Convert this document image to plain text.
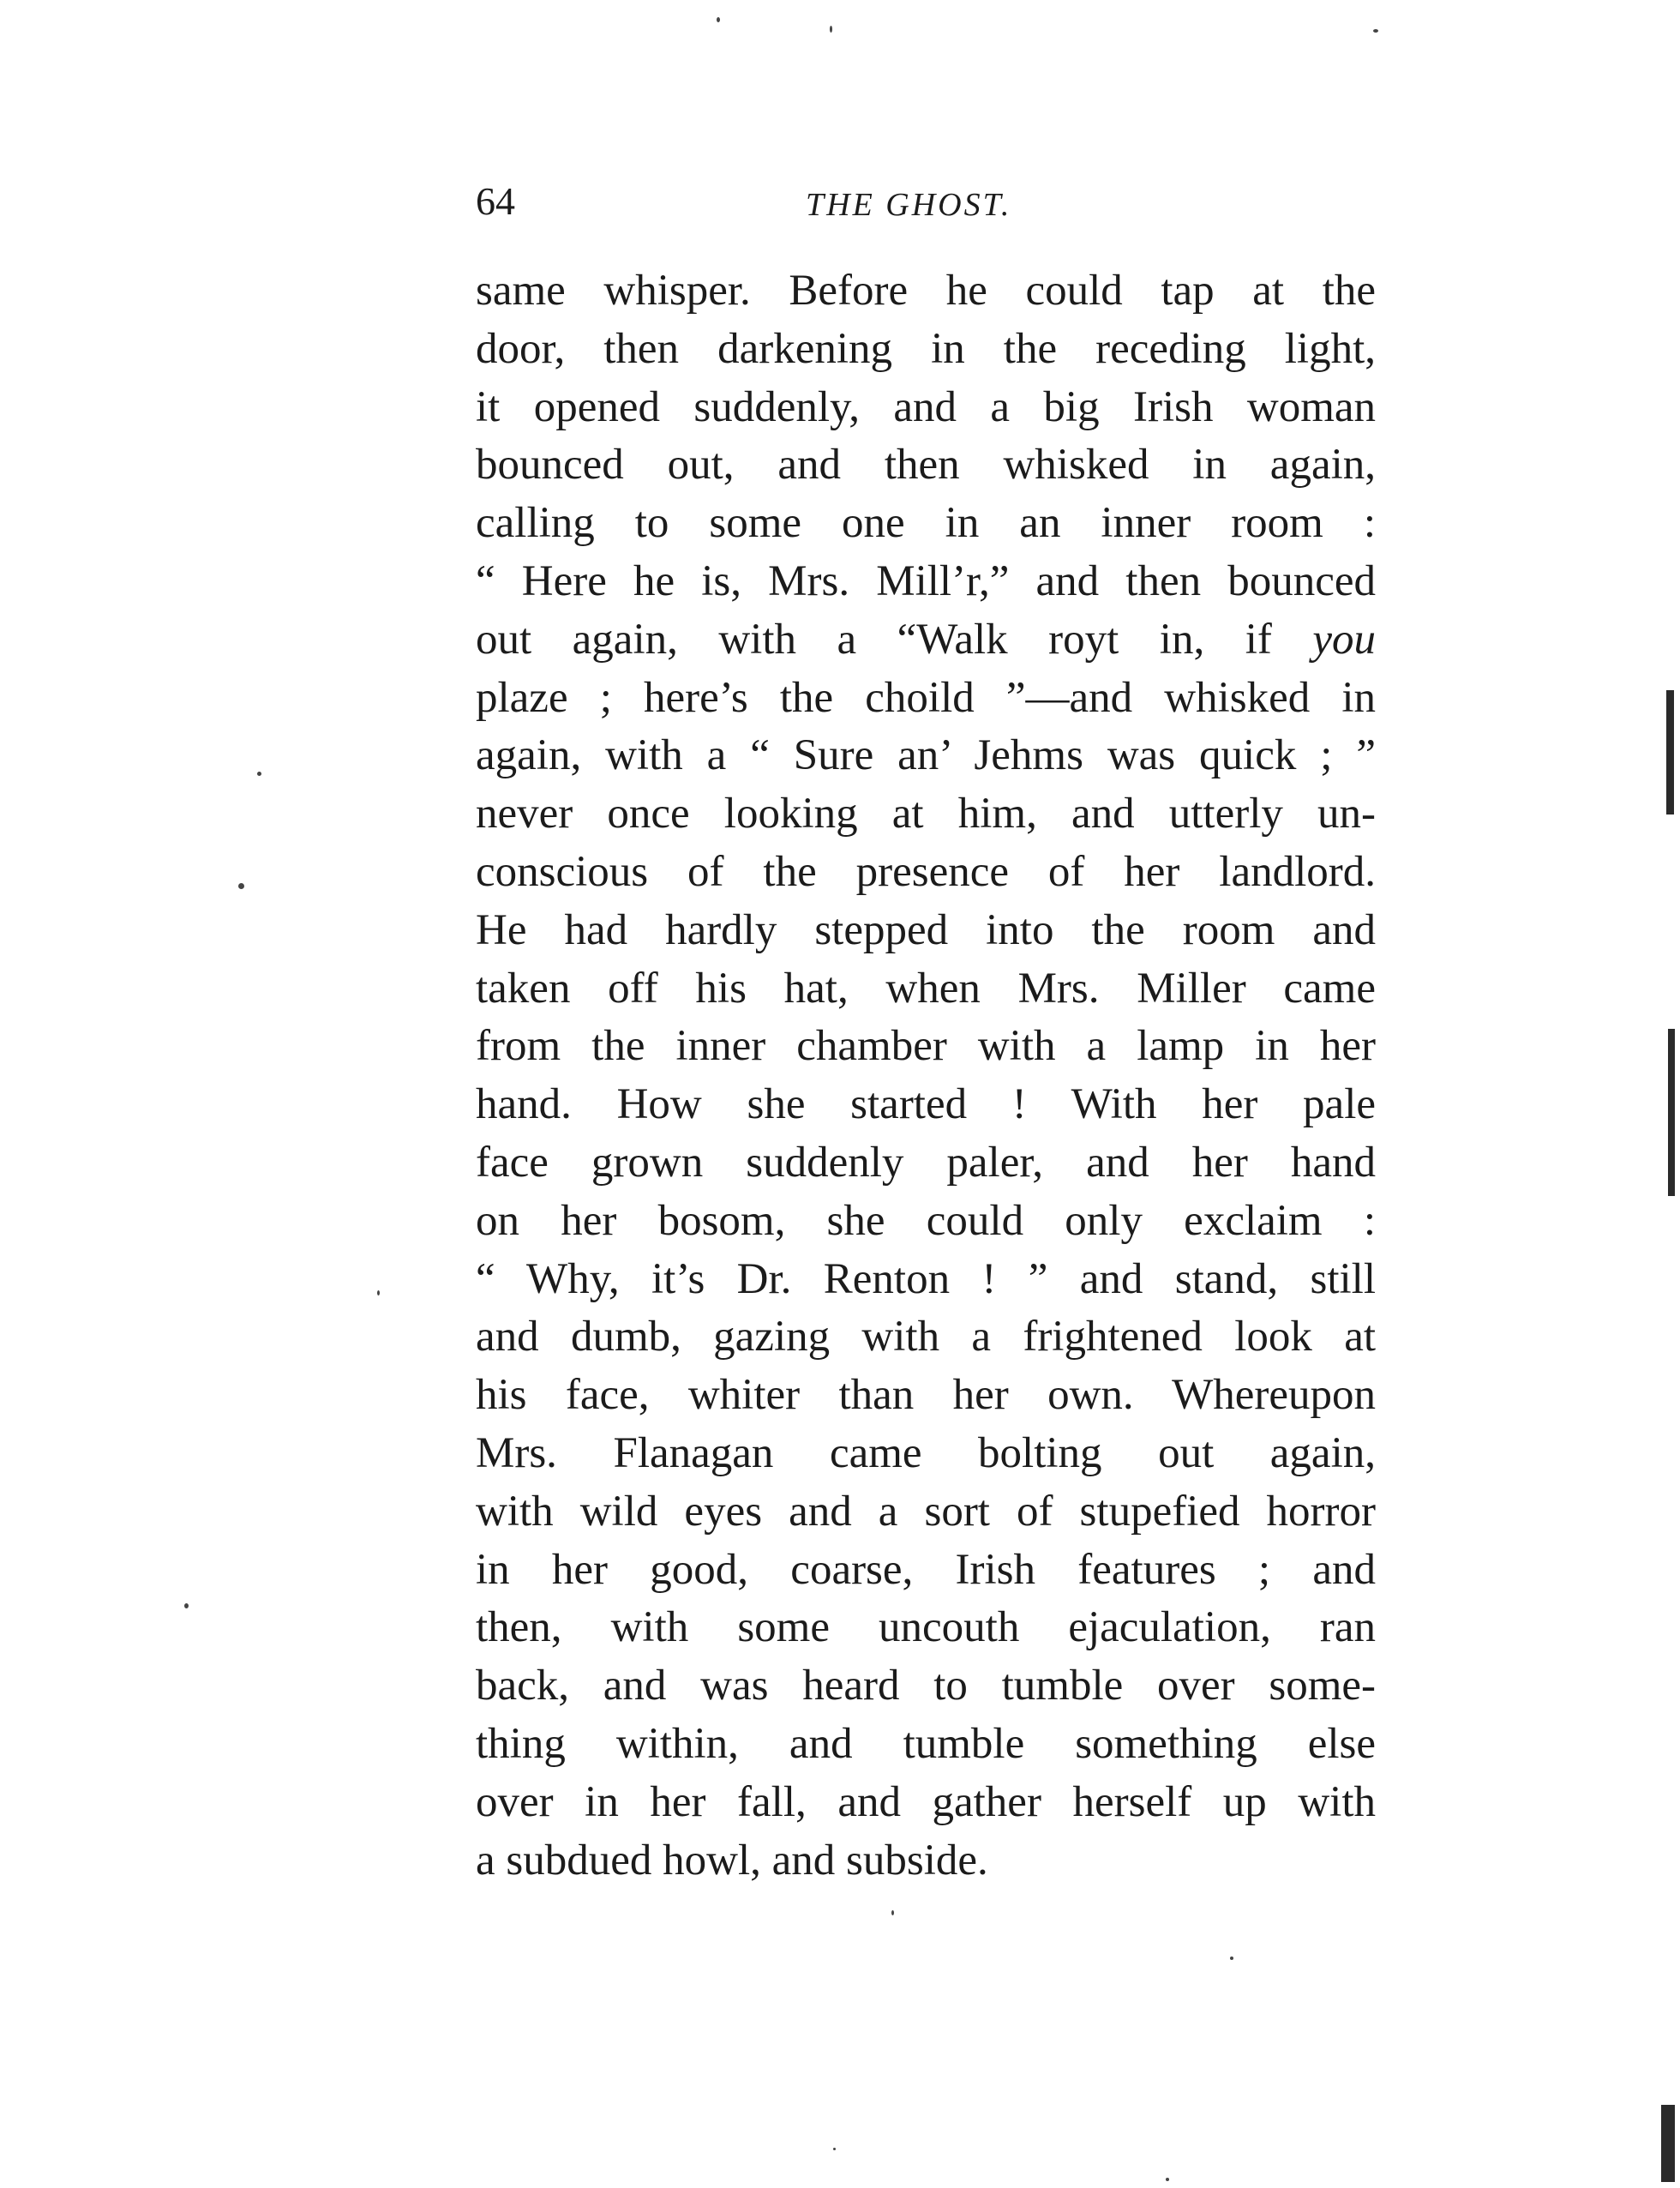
64	THE GHOST.
same whisper. Before he could tap at the
door, then darkening in the receding light,
it opened suddenly, and a big Irish woman
bounced out, and then whisked in again,
calling to some one in an inner room :
“ Here he is, Mrs. Mill’r,” and then bounced
out again, with a “Walk royt in, if you
plaze ; here’s the choild ”—and whisked in
again, with a “ Sure an’ Jehms was quick ; ”
never once looking at him, and utterly un-
conscious of the presence of her landlord.
He had hardly stepped into the room and
taken off his hat, when Mrs. Miller came
from the inner chamber with a lamp in her
hand. How she started ! With her pale
face grown suddenly paler, and her hand
on her bosom, she could only exclaim :
“ Why, it’s Dr. Renton ! ” and stand, still
and dumb, gazing with a frightened look at
his face, whiter than her own. Whereupon
Mrs. Flanagan came bolting out again,
with wild eyes and a sort of stupefied horror
in her good, coarse, Irish features ; and
then, with some uncouth ejaculation, ran
back, and was heard to tumble over some-
thing within, and tumble something else
over in her fall, and gather herself up with
a subdued howl, and subside.
